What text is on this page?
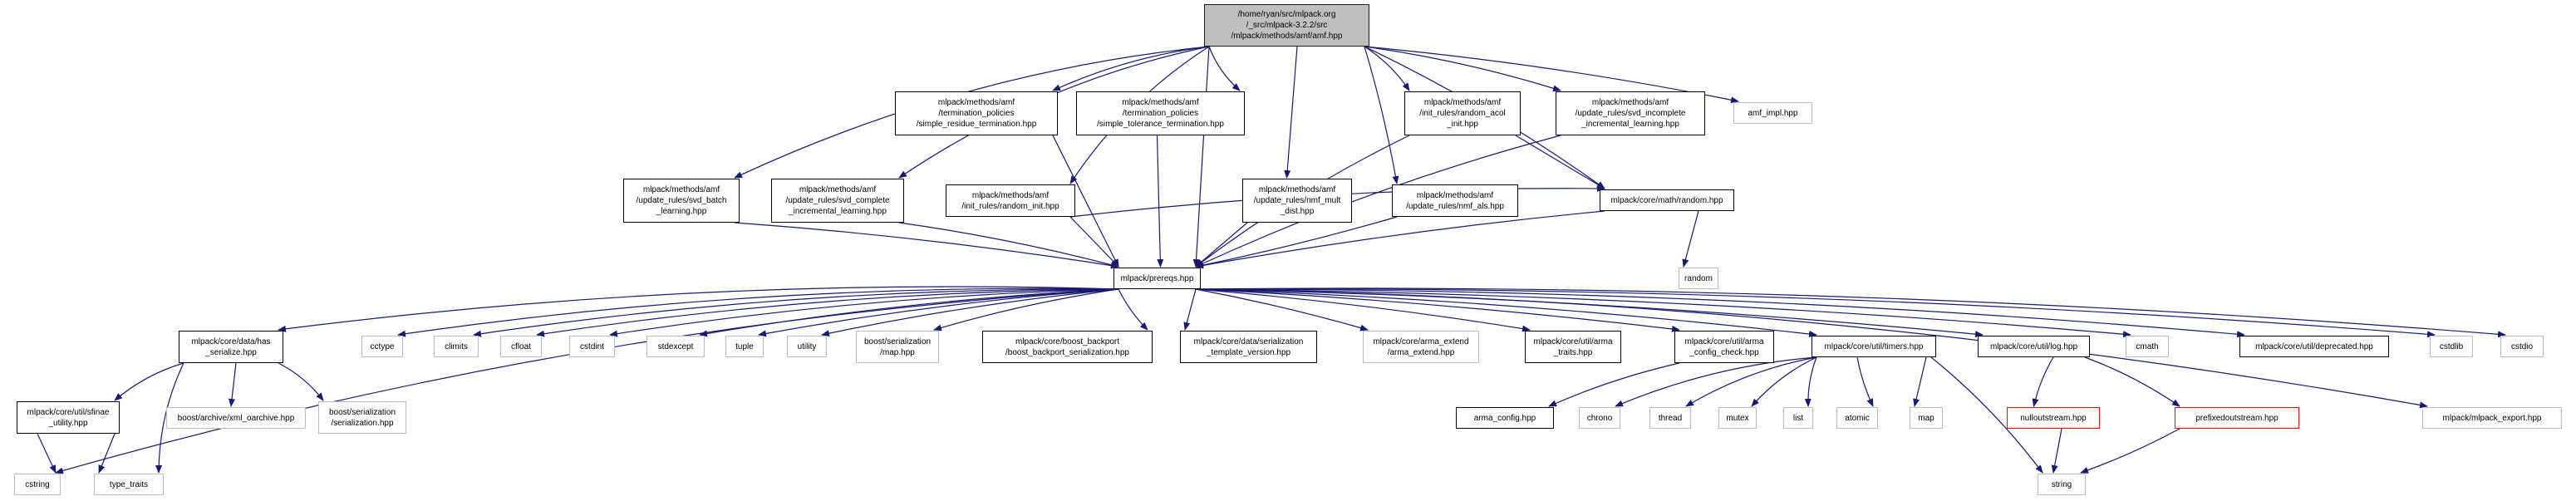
/home/ryan/src/mlpack.org
/_src/mlpack-3.2.2/src
/mlpack/methods/amf/amf.hpp
mlpack/methods/amf
/termination_policies
/simple_residue_termination.hpp
mlpack/methods/amf
/termination_policies
/simple_tolerance_termination.hpp
mlpack/methods/amf
/init_rules/random_acol
_init.hpp
mlpack/methods/amf
/update_rules/svd_incomplete
_incremental_learning.hpp
amf_impl.hpp
mlpack/methods/amf
/update_rules/svd_batch
_learning.hpp
mlpack/methods/amf
/update_rules/svd_complete
_incremental_learning.hpp
mlpack/methods/amf
/init_rules/random_init.hpp
mlpack/methods/amf
/update_rules/nmf_mult
_dist.hpp
mlpack/methods/amf
/update_rules/nmf_als.hpp
mlpack/core/math/random.hpp
mlpack/prereqs.hpp	random
mlpack/core/data/has
_serialize.hpp
cctype	climits	cfloat	cstdint	stdexcept	tuple	utility
boost/serialization
/map.hpp
mlpack/core/boost_backport
/boost_backport_serialization.hpp
mlpack/core/data/serialization
_template_version.hpp
mlpack/core/arma_extend
/arma_extend.hpp
mlpack/core/util/arma
_traits.hpp
mlpack/core/util/arma
_config_check.hpp
mlpack/core/util/timers.hpp	mlpack/core/util/log.hpp	cmath	mlpack/core/util/deprecated.hpp	cstdlib	cstdio
mlpack/core/util/sfinae
_utility.hpp
boost/archive/xml_oarchive.hpp
boost/serialization
/serialization.hpp
arma_config.hpp	chrono	thread	mutex	list	atomic	map	nulloutstream.hpp	prefixedoutstream.hpp	mlpack/mlpack_export.hpp
cstring	type_traits	string
